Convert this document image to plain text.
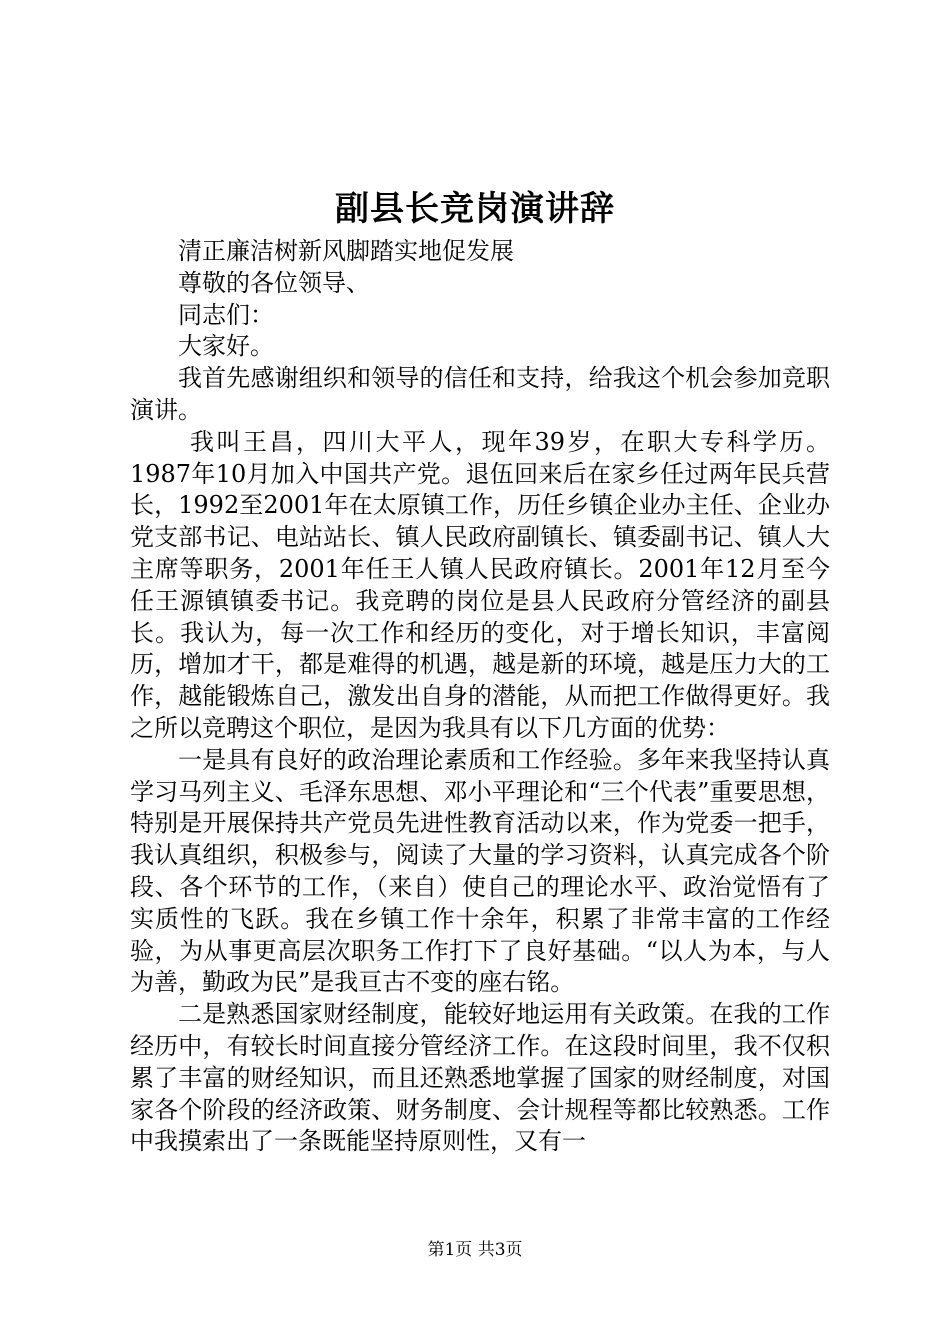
副县长竞岗演讲辞
清正廉洁树新风脚踏实地促发展
尊敬的各位领导、
同志们：
大家好。
我首先感谢组织和领导的信任和支持，给我这个机会参加竞职演讲。
我叫王昌，四川大平人，现年39岁，在职大专科学历。1987年10月加入中国共产党。退伍回来后在家乡任过两年民兵营长，1992至2001年在太原镇工作，历任乡镇企业办主任、企业办党支部书记、电站站长、镇人民政府副镇长、镇委副书记、镇人大主席等职务，2001年任王人镇人民政府镇长。2001年12月至今任王源镇镇委书记。我竞聘的岗位是县人民政府分管经济的副县长。我认为，每一次工作和经历的变化，对于增长知识，丰富阅历，增加才干，都是难得的机遇，越是新的环境，越是压力大的工作，越能锻炼自己，激发出自身的潜能，从而把工作做得更好。我之所以竞聘这个职位，是因为我具有以下几方面的优势：
一是具有良好的政治理论素质和工作经验。多年来我坚持认真学习马列主义、毛泽东思想、邓小平理论和“三个代表”重要思想，特别是开展保持共产党员先进性教育活动以来，作为党委一把手，我认真组织，积极参与，阅读了大量的学习资料，认真完成各个阶段、各个环节的工作，（来自）使自己的理论水平、政治觉悟有了实质性的飞跃。我在乡镇工作十余年，积累了非常丰富的工作经验，为从事更高层次职务工作打下了良好基础。“以人为本，与人为善，勤政为民”是我亘古不变的座右铭。
二是熟悉国家财经制度，能较好地运用有关政策。在我的工作经历中，有较长时间直接分管经济工作。在这段时间里，我不仅积累了丰富的财经知识，而且还熟悉地掌握了国家的财经制度，对国家各个阶段的经济政策、财务制度、会计规程等都比较熟悉。工作中我摸索出了一条既能坚持原则性，又有一
第1页 共3页
